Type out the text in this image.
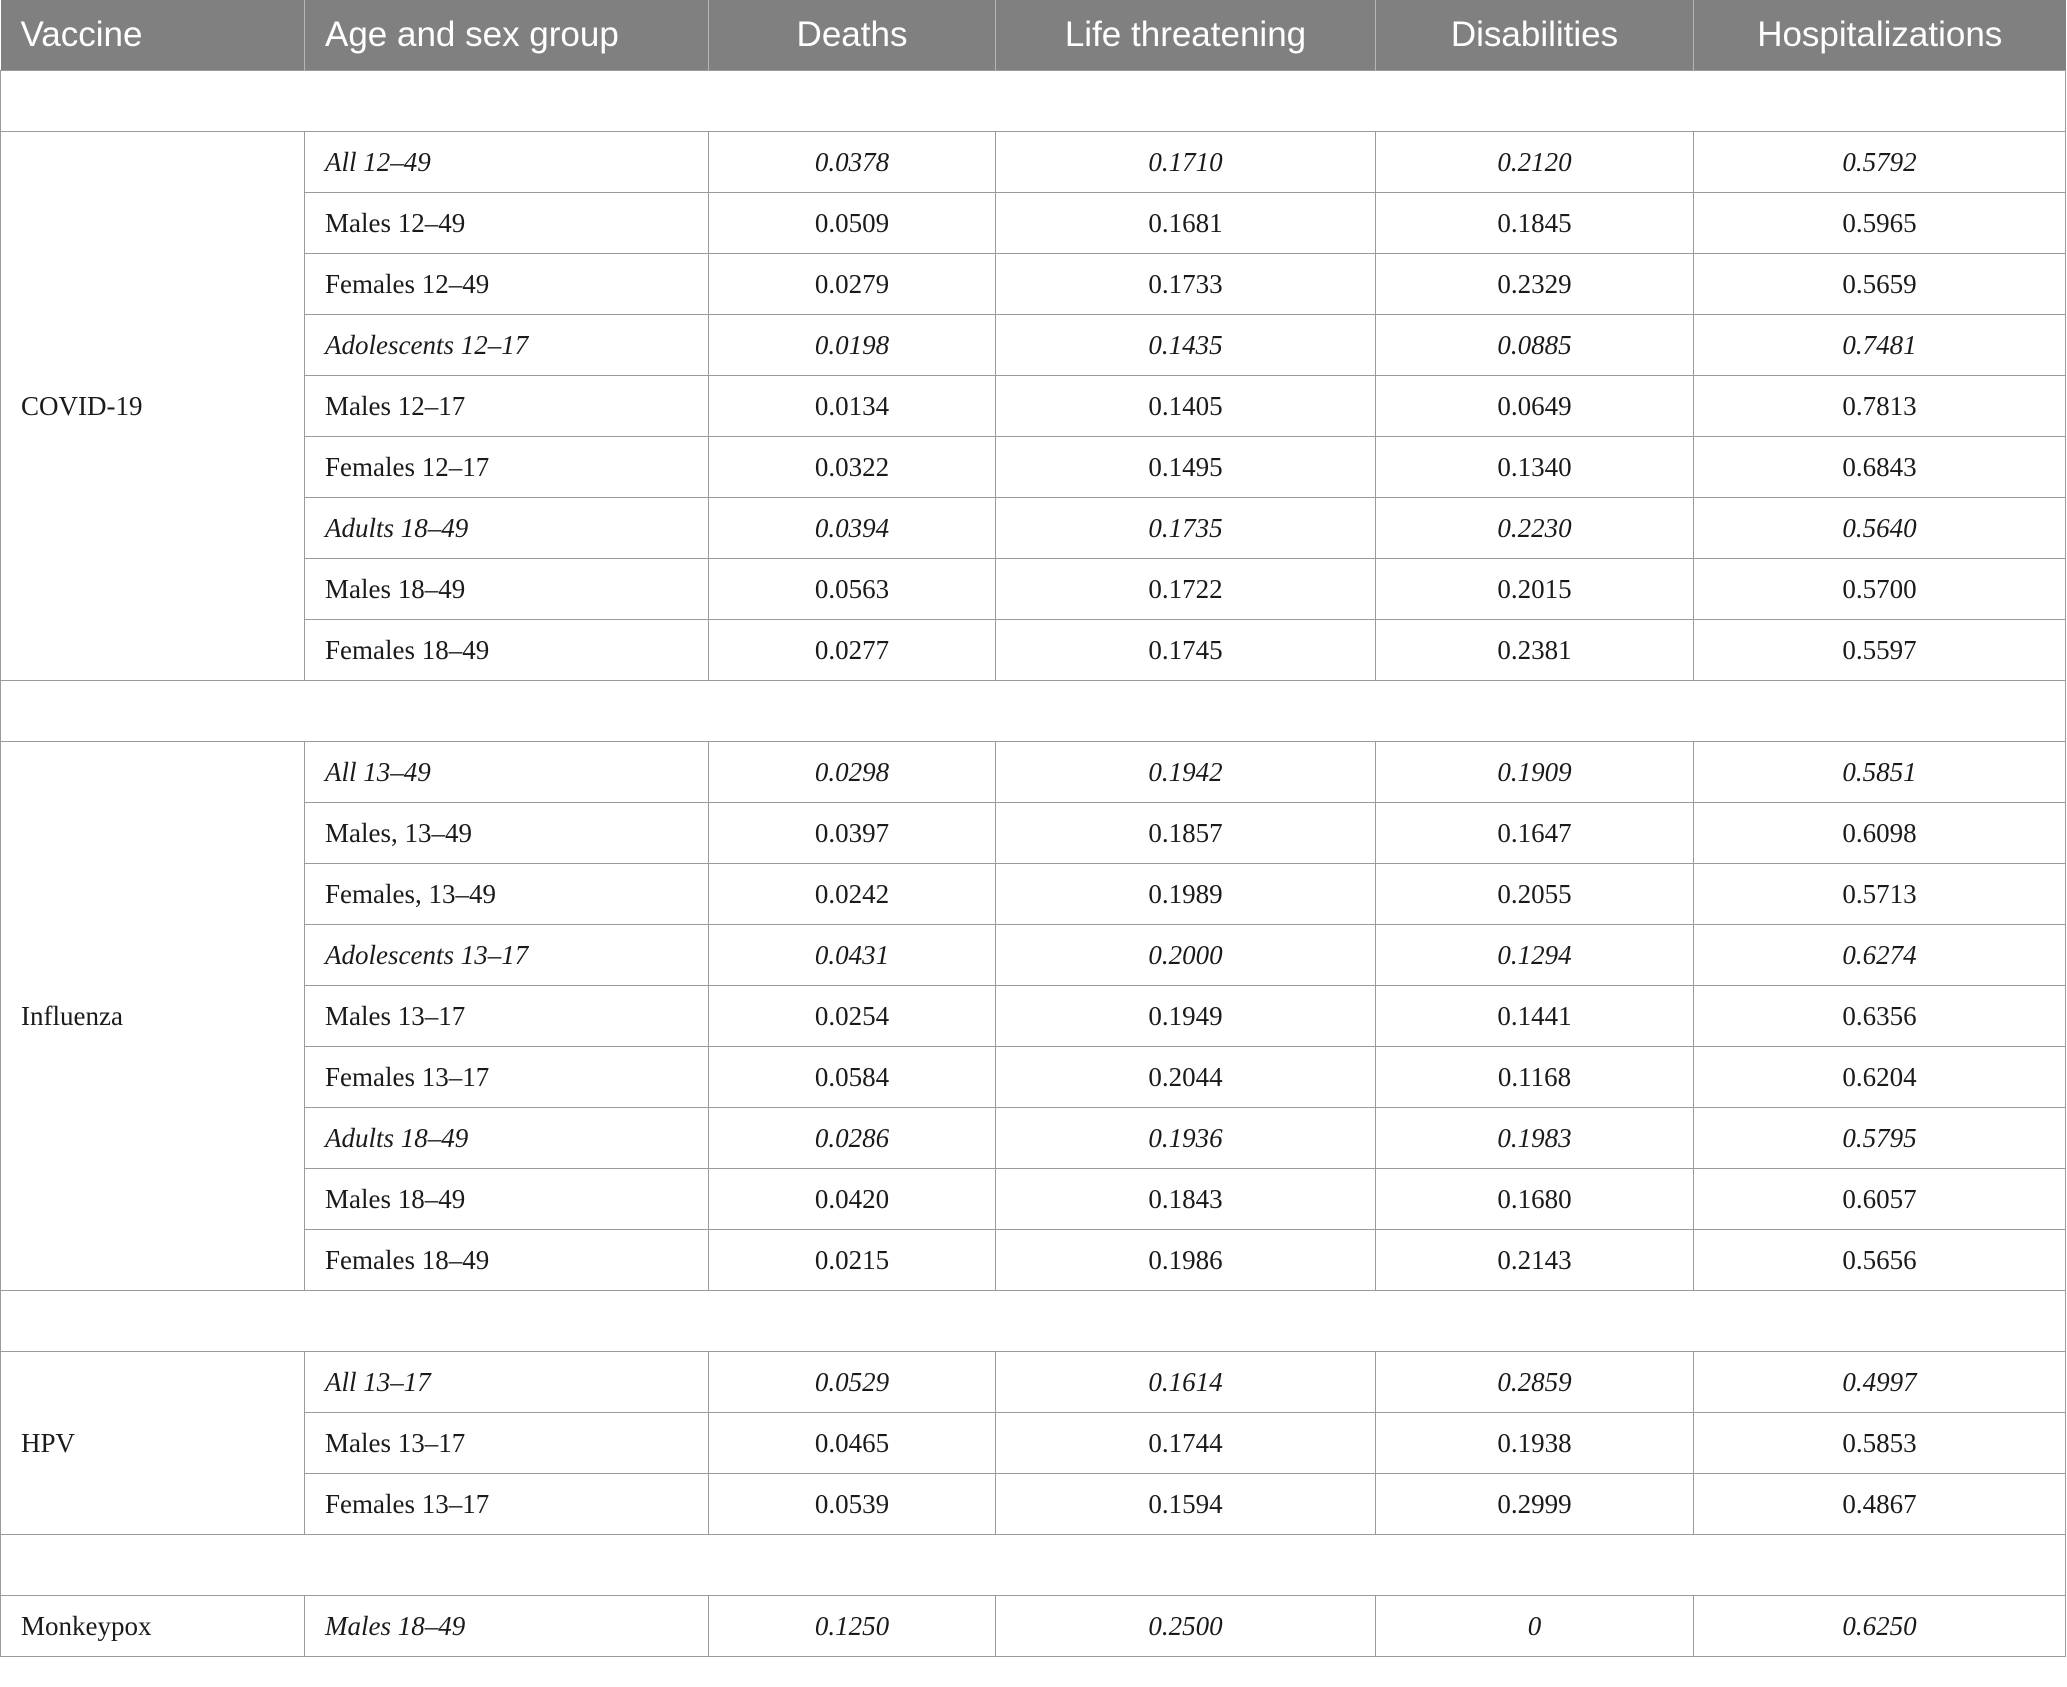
Vaccine	Age and sex group	Deaths	Life threatening	Disabilities	Hospitalizations

COVID-19	All 12–49	0.0378	0.1710	0.2120	0.5792
	Males 12–49	0.0509	0.1681	0.1845	0.5965
	Females 12–49	0.0279	0.1733	0.2329	0.5659
	Adolescents 12–17	0.0198	0.1435	0.0885	0.7481
	Males 12–17	0.0134	0.1405	0.0649	0.7813
	Females 12–17	0.0322	0.1495	0.1340	0.6843
	Adults 18–49	0.0394	0.1735	0.2230	0.5640
	Males 18–49	0.0563	0.1722	0.2015	0.5700
	Females 18–49	0.0277	0.1745	0.2381	0.5597

Influenza	All 13–49	0.0298	0.1942	0.1909	0.5851
	Males, 13–49	0.0397	0.1857	0.1647	0.6098
	Females, 13–49	0.0242	0.1989	0.2055	0.5713
	Adolescents 13–17	0.0431	0.2000	0.1294	0.6274
	Males 13–17	0.0254	0.1949	0.1441	0.6356
	Females 13–17	0.0584	0.2044	0.1168	0.6204
	Adults 18–49	0.0286	0.1936	0.1983	0.5795
	Males 18–49	0.0420	0.1843	0.1680	0.6057
	Females 18–49	0.0215	0.1986	0.2143	0.5656

HPV	All 13–17	0.0529	0.1614	0.2859	0.4997
	Males 13–17	0.0465	0.1744	0.1938	0.5853
	Females 13–17	0.0539	0.1594	0.2999	0.4867

Monkeypox	Males 18–49	0.1250	0.2500	0	0.6250
